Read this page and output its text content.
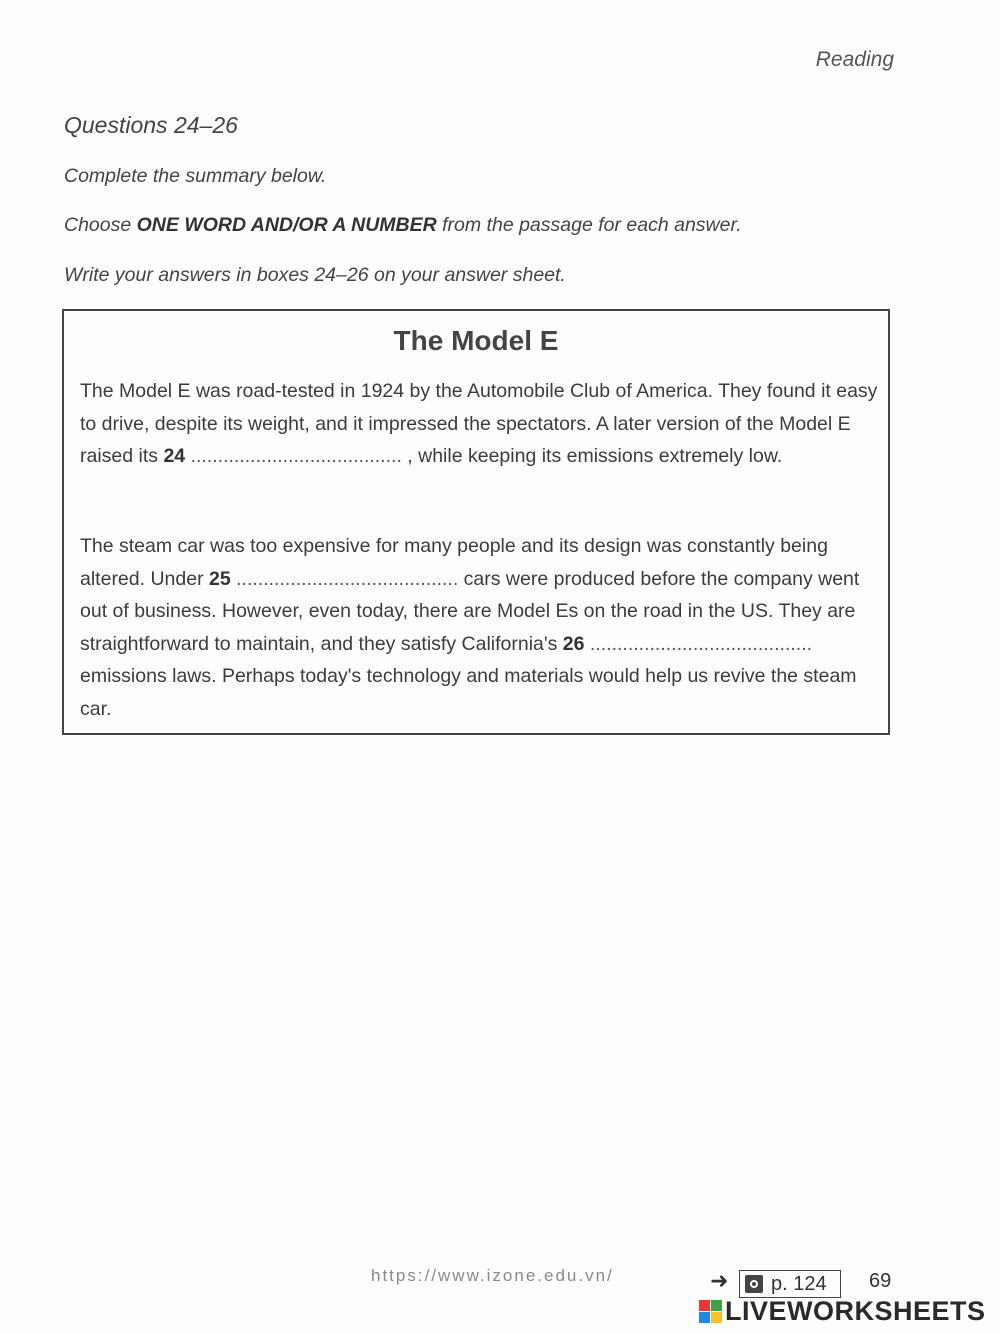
Reading
Questions 24–26
Complete the summary below.
Choose ONE WORD AND/OR A NUMBER from the passage for each answer.
Write your answers in boxes 24–26 on your answer sheet.
The Model E
The Model E was road-tested in 1924 by the Automobile Club of America. They found it easy to drive, despite its weight, and it impressed the spectators. A later version of the Model E raised its 24 ....................................... , while keeping its emissions extremely low.
The steam car was too expensive for many people and its design was constantly being altered. Under 25 ......................................... cars were produced before the company went out of business. However, even today, there are Model Es on the road in the US. They are straightforward to maintain, and they satisfy California's 26 ......................................... emissions laws. Perhaps today's technology and materials would help us revive the steam car.
https://www.izone.edu.vn/	➜ p. 124 69
LIVEWORKSHEETS
